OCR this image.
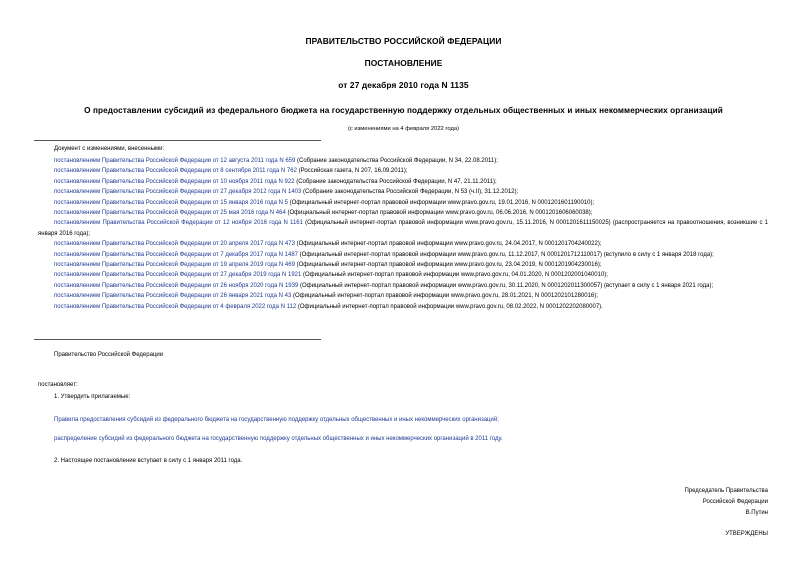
ПРАВИТЕЛЬСТВО РОССИЙСКОЙ ФЕДЕРАЦИИ
ПОСТАНОВЛЕНИЕ
от 27 декабря 2010 года N 1135
О предоставлении субсидий из федерального бюджета на государственную поддержку отдельных общественных и иных некоммерческих организаций
(с изменениями на 4 февраля 2022 года)
Документ с изменениями, внесенными:

постановлением Правительства Российской Федерации от 12 августа 2011 года N 659 (Собрание законодательства Российской Федерации, N 34, 22.08.2011);

постановлением Правительства Российской Федерации от 8 сентября 2011 года N 762 (Российская газета, N 207, 16.09.2011);

постановлением Правительства Российской Федерации от 10 ноября 2011 года N 922 (Собрание законодательства Российской Федерации, N 47, 21.11.2011);

постановлением Правительства Российской Федерации от 27 декабря 2012 года N 1403 (Собрание законодательства Российской Федерации, N 53 (ч.II), 31.12.2012);

постановлением Правительства Российской Федерации от 15 января 2016 года N 5 (Официальный интернет-портал правовой информации www.pravo.gov.ru, 19.01.2016, N 0001201601190010);

постановлением Правительства Российской Федерации от 25 мая 2016 года N 464 (Официальный интернет-портал правовой информации www.pravo.gov.ru, 06.06.2016, N 0001201606060038);

постановлением Правительства Российской Федерации от 12 ноября 2016 года N 1161 (Официальный интернет-портал правовой информации www.pravo.gov.ru, 15.11.2016, N 0001201611150025) (распространяется на правоотношения, возникшие с 1 января 2016 года);

постановлением Правительства Российской Федерации от 20 апреля 2017 года N 473 (Официальный интернет-портал правовой информации www.pravo.gov.ru, 24.04.2017, N 0001201704240022);

постановлением Правительства Российской Федерации от 7 декабря 2017 года N 1487 (Официальный интернет-портал правовой информации www.pravo.gov.ru, 11.12.2017, N 0001201712110017) (вступило в силу с 1 января 2018 года);

постановлением Правительства Российской Федерации от 19 апреля 2019 года N 469 (Официальный интернет-портал правовой информации www.pravo.gov.ru, 23.04.2019, N 0001201904230016);

постановлением Правительства Российской Федерации от 27 декабря 2019 года N 1921 (Официальный интернет-портал правовой информации www.pravo.gov.ru, 04.01.2020, N 0001202001040010);

постановлением Правительства Российской Федерации от 26 ноября 2020 года N 1939 (Официальный интернет-портал правовой информации www.pravo.gov.ru, 30.11.2020, N 0001202011300057) (вступает в силу с 1 января 2021 года);

постановлением Правительства Российской Федерации от 26 января 2021 года N 43 (Официальный интернет-портал правовой информации www.pravo.gov.ru, 28.01.2021, N 0001202101280016);

постановлением Правительства Российской Федерации от 4 февраля 2022 года N 112 (Официальный интернет-портал правовой информации www.pravo.gov.ru, 08.02.2022, N 0001202202080007).

Правительство Российской Федерации
постановляет:
1. Утвердить прилагаемые:
Правила предоставления субсидий из федерального бюджета на государственную поддержку отдельных общественных и иных некоммерческих организаций;
распределение субсидий из федерального бюджета на государственную поддержку отдельных общественных и иных некоммерческих организаций в 2011 году.
2. Настоящее постановление вступает в силу с 1 января 2011 года.
Председатель Правительства
Российской Федерации
В.Путин
УТВЕРЖДЕНЫ
